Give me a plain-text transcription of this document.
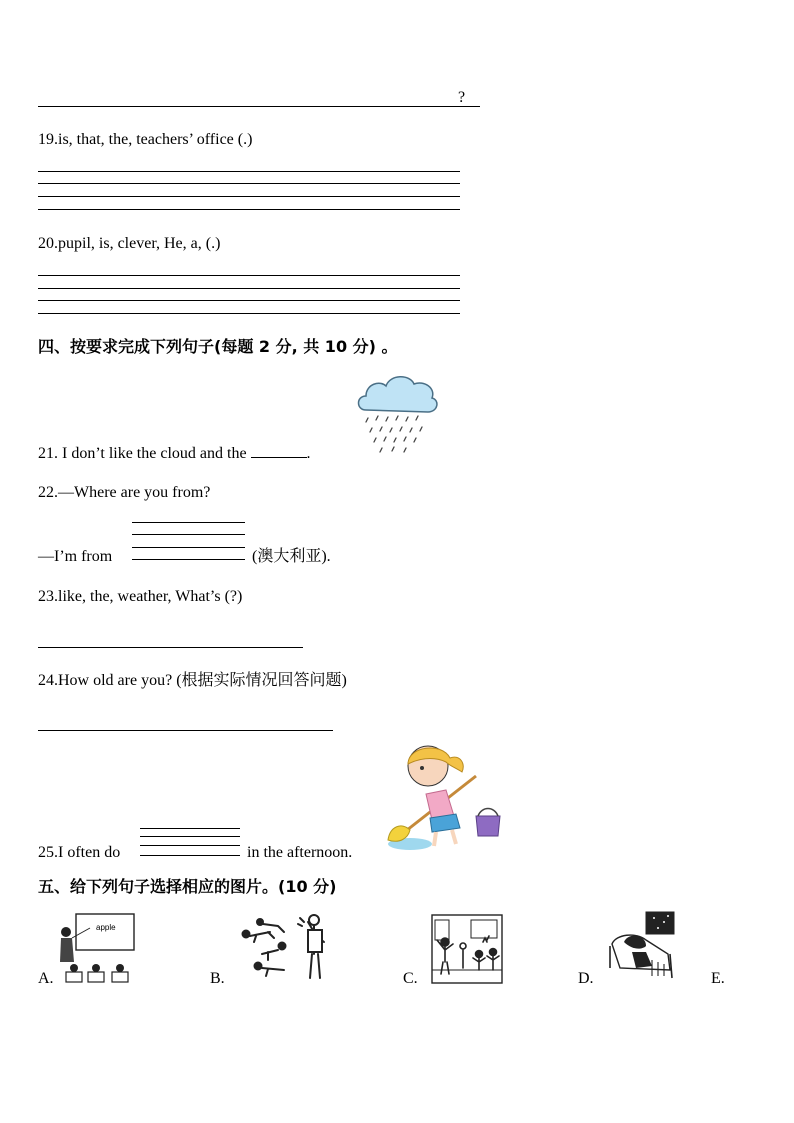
?
19.is, that, the, teachers’ office (.)
20.pupil, is, clever, He, a, (.)
四、按要求完成下列句子(每题 2 分, 共 10 分) 。
21. I don’t like the cloud and the	.
22.—Where are you from?
—I’m from	(澳大利亚).
23.like, the, weather, What’s (?)
24.How old are you? (根据实际情况回答问题)
25.I often do	in the afternoon.
五、给下列句子选择相应的图片。(10 分)
A.
apple
B.	C.	D.	E.
